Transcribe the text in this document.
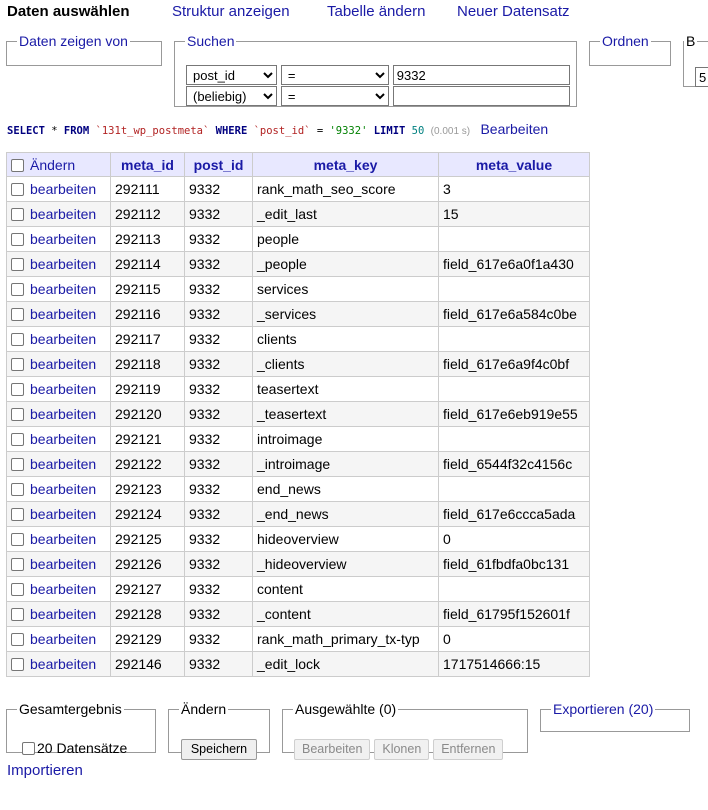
Daten auswählen	Struktur anzeigen Tabelle ändern Neuer Datensatz
Daten zeigen von	Suchen
post_id
= 9332
(beliebig)
=	Ordnen	B
5
SELECT * FROM `131t_wp_postmeta` WHERE `post_id` = '9332' LIMIT 50 (0.001 s) Bearbeiten
Ändern	meta_id	post_id	meta_key	meta_value
bearbeiten	292111	9332	rank_math_seo_score	3
bearbeiten	292112	9332	_edit_last	15
bearbeiten	292113	9332	people	
bearbeiten	292114	9332	_people	field_617e6a0f1a430
bearbeiten	292115	9332	services	
bearbeiten	292116	9332	_services	field_617e6a584c0be
bearbeiten	292117	9332	clients	
bearbeiten	292118	9332	_clients	field_617e6a9f4c0bf
bearbeiten	292119	9332	teasertext	
bearbeiten	292120	9332	_teasertext	field_617e6eb919e55
bearbeiten	292121	9332	introimage	
bearbeiten	292122	9332	_introimage	field_6544f32c4156c
bearbeiten	292123	9332	end_news	
bearbeiten	292124	9332	_end_news	field_617e6ccca5ada
bearbeiten	292125	9332	hideoverview	0
bearbeiten	292126	9332	_hideoverview	field_61fbdfa0bc131
bearbeiten	292127	9332	content	
bearbeiten	292128	9332	_content	field_61795f152601f
bearbeiten	292129	9332	rank_math_primary_tx-typ	0
bearbeiten	292146	9332	_edit_lock	1717514666:15
Gesamtergebnis
20 Datensätze
Ändern
Speichern
Ausgewählte (0)
Bearbeiten Klonen Entfernen
Exportieren (20)
Importieren
